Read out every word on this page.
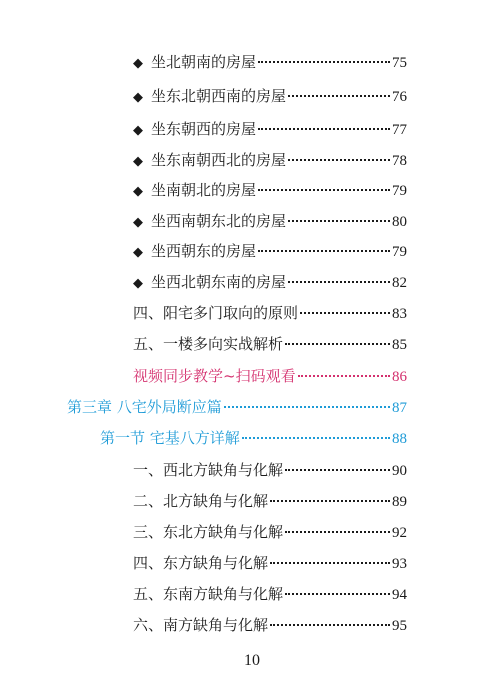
◆ 坐北朝南的房屋	75
◆ 坐东北朝西南的房屋	76
◆ 坐东朝西的房屋	77
◆ 坐东南朝西北的房屋	78
◆ 坐南朝北的房屋	79
◆ 坐西南朝东北的房屋	80
◆ 坐西朝东的房屋	79
◆ 坐西北朝东南的房屋	82
四、阳宅多门取向的原则	83
五、一楼多向实战解析	85
视频同步教学~扫码观看	86
第三章 八宅外局断应篇	87
第一节 宅基八方详解	88
一、西北方缺角与化解	90
二、北方缺角与化解	89
三、东北方缺角与化解	92
四、东方缺角与化解	93
五、东南方缺角与化解	94
六、南方缺角与化解	95
10
